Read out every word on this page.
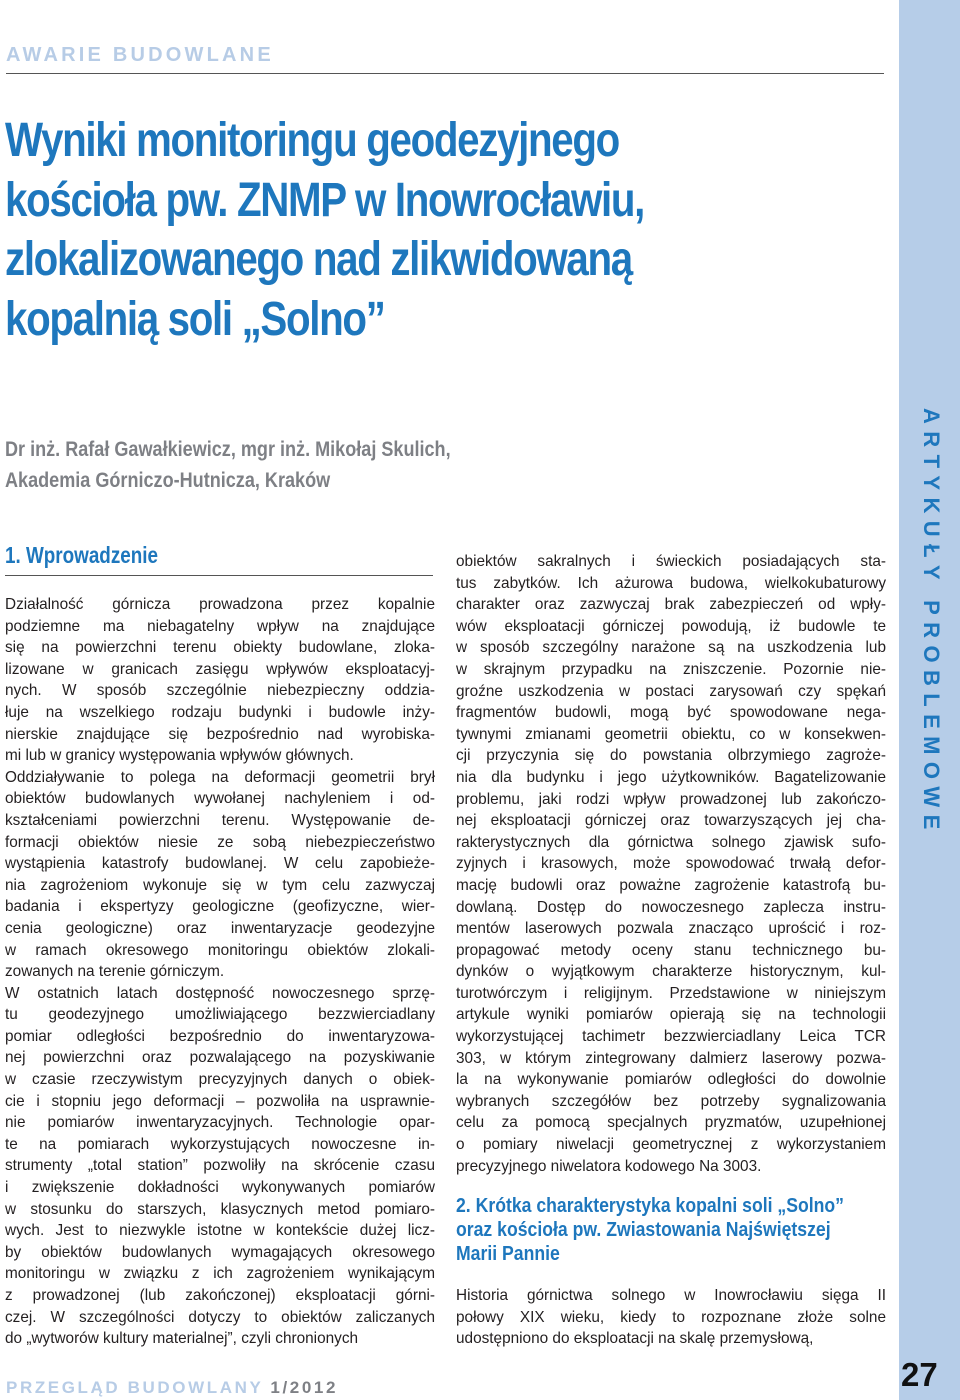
AWARIE BUDOWLANE
Wyniki monitoringu geodezyjnego
kościoła pw. ZNMP w Inowrocławiu,
zlokalizowanego nad zlikwidowaną
kopalnią soli „Solno”

Dr inż. Rafał Gawałkiewicz, mgr inż. Mikołaj Skulich,
Akademia Górniczo-Hutnicza, Kraków

1. Wprowadzenie
Działalność górnicza prowadzona przez kopalnie
podziemne ma niebagatelny wpływ na znajdujące
się na powierzchni terenu obiekty budowlane, zloka-
lizowane w granicach zasięgu wpływów eksploatacyj-
nych. W sposób szczególnie niebezpieczny oddzia-
łuje na wszelkiego rodzaju budynki i budowle inży-
nierskie znajdujące się bezpośrednio nad wyrobiska-
mi lub w granicy występowania wpływów głównych.
Oddziaływanie to polega na deformacji geometrii brył
obiektów budowlanych wywołanej nachyleniem i od-
kształceniami powierzchni terenu. Występowanie de-
formacji obiektów niesie ze sobą niebezpieczeństwo
wystąpienia katastrofy budowlanej. W celu zapobieże-
nia zagrożeniom wykonuje się w tym celu zazwyczaj
badania i ekspertyzy geologiczne (geofizyczne, wier-
cenia geologiczne) oraz inwentaryzacje geodezyjne
w ramach okresowego monitoringu obiektów zlokali-
zowanych na terenie górniczym.
W ostatnich latach dostępność nowoczesnego sprzę-
tu geodezyjnego umożliwiającego bezzwierciadlany
pomiar odległości bezpośrednio do inwentaryzowa-
nej powierzchni oraz pozwalającego na pozyskiwanie
w czasie rzeczywistym precyzyjnych danych o obiek-
cie i stopniu jego deformacji – pozwoliła na usprawnie-
nie pomiarów inwentaryzacyjnych. Technologie opar-
te na pomiarach wykorzystujących nowoczesne in-
strumenty „total station” pozwoliły na skrócenie czasu
i zwiększenie dokładności wykonywanych pomiarów
w stosunku do starszych, klasycznych metod pomiaro-
wych. Jest to niezwykle istotne w kontekście dużej licz-
by obiektów budowlanych wymagających okresowego
monitoringu w związku z ich zagrożeniem wynikającym
z prowadzonej (lub zakończonej) eksploatacji górni-
czej. W szczególności dotyczy to obiektów zaliczanych
do „wytworów kultury materialnej”, czyli chronionych
obiektów sakralnych i świeckich posiadających sta-
tus zabytków. Ich ażurowa budowa, wielkokubaturowy
charakter oraz zazwyczaj brak zabezpieczeń od wpły-
wów eksploatacji górniczej powodują, iż budowle te
w sposób szczególny narażone są na uszkodzenia lub
w skrajnym przypadku na zniszczenie. Pozornie nie-
groźne uszkodzenia w postaci zarysowań czy spękań
fragmentów budowli, mogą być spowodowane nega-
tywnymi zmianami geometrii obiektu, co w konsekwen-
cji przyczynia się do powstania olbrzymiego zagroże-
nia dla budynku i jego użytkowników. Bagatelizowanie
problemu, jaki rodzi wpływ prowadzonej lub zakończo-
nej eksploatacji górniczej oraz towarzyszących jej cha-
rakterystycznych dla górnictwa solnego zjawisk sufo-
zyjnych i krasowych, może spowodować trwałą defor-
mację budowli oraz poważne zagrożenie katastrofą bu-
dowlaną. Dostęp do nowoczesnego zaplecza instru-
mentów laserowych pozwala znacząco uprościć i roz-
propagować metody oceny stanu technicznego bu-
dynków o wyjątkowym charakterze historycznym, kul-
turotwórczym i religijnym. Przedstawione w niniejszym
artykule wyniki pomiarów opierają się na technologii
wykorzystującej tachimetr bezzwierciadlany Leica TCR
303, w którym zintegrowany dalmierz laserowy pozwa-
la na wykonywanie pomiarów odległości do dowolnie
wybranych szczegółów bez potrzeby sygnalizowania
celu za pomocą specjalnych pryzmatów, uzupełnionej
o pomiary niwelacji geometrycznej z wykorzystaniem
precyzyjnego niwelatora kodowego Na 3003.
2. Krótka charakterystyka kopalni soli „Solno”
oraz kościoła pw. Zwiastowania Najświętszej
Marii Pannie
Historia górnictwa solnego w Inowrocławiu sięga II
połowy XIX wieku, kiedy to rozpoznane złoże solne
udostępniono do eksploatacji na skalę przemysłową,
ARTYKUŁY PROBLEMOWE
PRZEGLĄD BUDOWLANY 1/2012	27
